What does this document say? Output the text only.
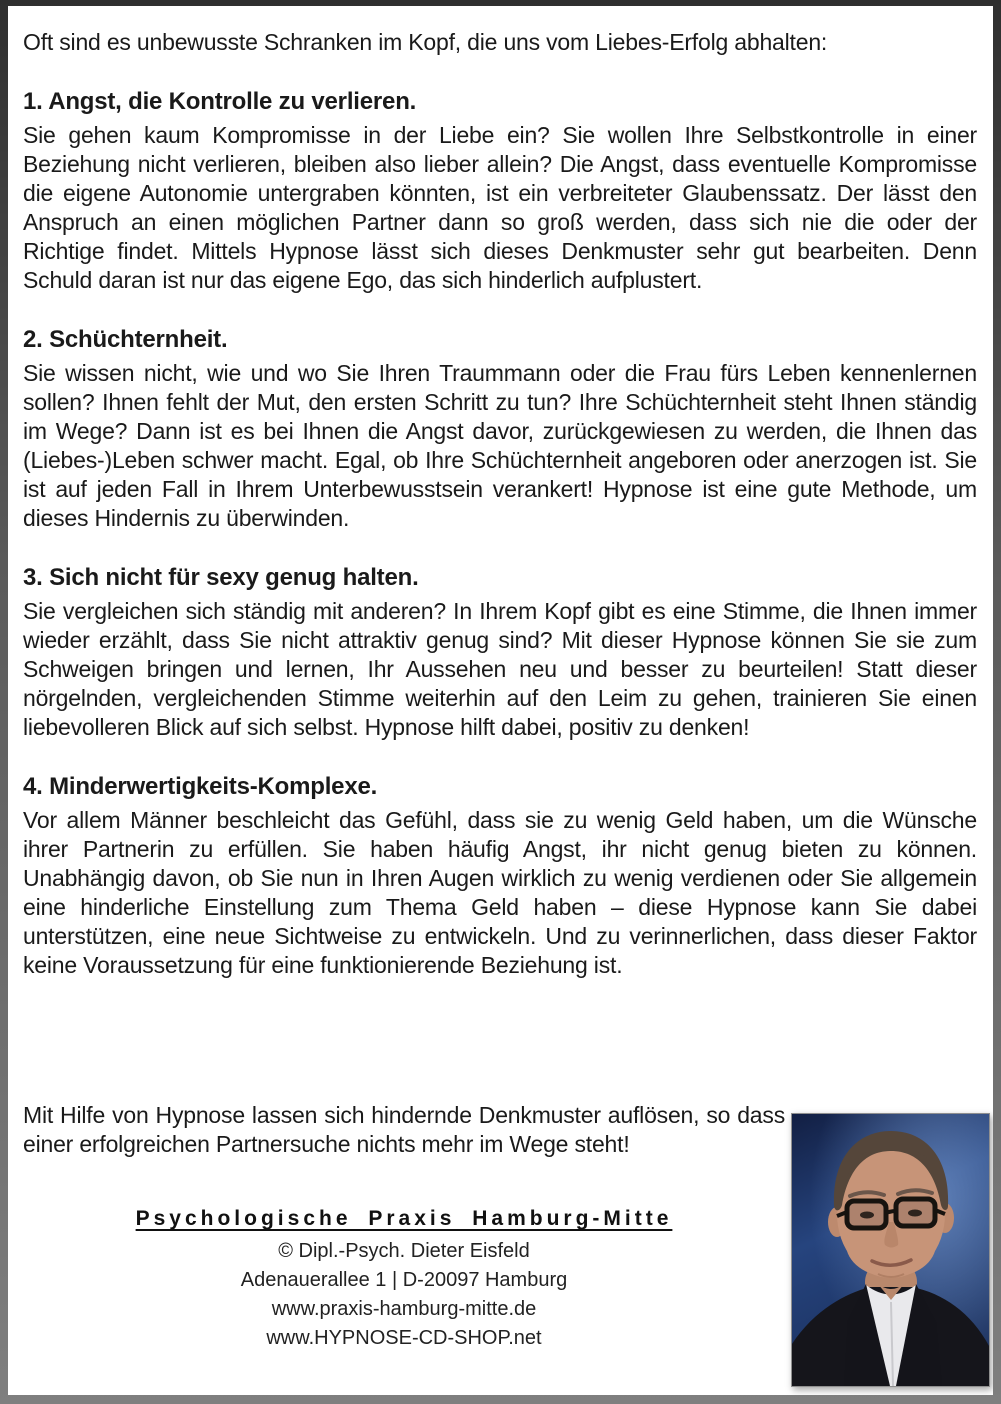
Oft sind es unbewusste Schranken im Kopf, die uns vom Liebes-Erfolg abhalten:

1. Angst, die Kontrolle zu verlieren.

Sie gehen kaum Kompromisse in der Liebe ein? Sie wollen Ihre Selbstkontrolle in einer Beziehung nicht verlieren, bleiben also lieber allein? Die Angst, dass eventuelle Kompromisse die eigene Autonomie untergraben könnten, ist ein verbreiteter Glaubenssatz. Der lässt den Anspruch an einen möglichen Partner dann so groß werden, dass sich nie die oder der Richtige findet. Mittels Hypnose lässt sich dieses Denkmuster sehr gut bearbeiten. Denn Schuld daran ist nur das eigene Ego, das sich hinderlich aufplustert.

2. Schüchternheit.

Sie wissen nicht, wie und wo Sie Ihren Traummann oder die Frau fürs Leben kennenlernen sollen? Ihnen fehlt der Mut, den ersten Schritt zu tun? Ihre Schüchternheit steht Ihnen ständig im Wege? Dann ist es bei Ihnen die Angst davor, zurückgewiesen zu werden, die Ihnen das (Liebes-)Leben schwer macht. Egal, ob Ihre Schüchternheit angeboren oder anerzogen ist. Sie ist auf jeden Fall in Ihrem Unterbewusstsein verankert! Hypnose ist eine gute Methode, um dieses Hindernis zu überwinden.

3. Sich nicht für sexy genug halten.

Sie vergleichen sich ständig mit anderen? In Ihrem Kopf gibt es eine Stimme, die Ihnen immer wieder erzählt, dass Sie nicht attraktiv genug sind? Mit dieser Hypnose können Sie sie zum Schweigen bringen und lernen, Ihr Aussehen neu und besser zu beurteilen! Statt dieser nörgelnden, vergleichenden Stimme weiterhin auf den Leim zu gehen, trainieren Sie einen liebevolleren Blick auf sich selbst. Hypnose hilft dabei, positiv zu denken!

4. Minderwertigkeits-Komplexe.

Vor allem Männer beschleicht das Gefühl, dass sie zu wenig Geld haben, um die Wünsche ihrer Partnerin zu erfüllen. Sie haben häufig Angst, ihr nicht genug bieten zu können. Unabhängig davon, ob Sie nun in Ihren Augen wirklich zu wenig verdienen oder Sie allgemein eine hinderliche Einstellung zum Thema Geld haben – diese Hypnose kann Sie dabei unterstützen, eine neue Sichtweise zu entwickeln. Und zu verinnerlichen, dass dieser Faktor keine Voraussetzung für eine funktionierende Beziehung ist.

Mit Hilfe von Hypnose lassen sich hindernde Denkmuster auflösen, so dass einer erfolgreichen Partnersuche nichts mehr im Wege steht!

Psychologische Praxis Hamburg-Mitte

© Dipl.-Psych. Dieter Eisfeld

Adenauerallee 1 | D-20097 Hamburg

www.praxis-hamburg-mitte.de

www.HYPNOSE-CD-SHOP.net
